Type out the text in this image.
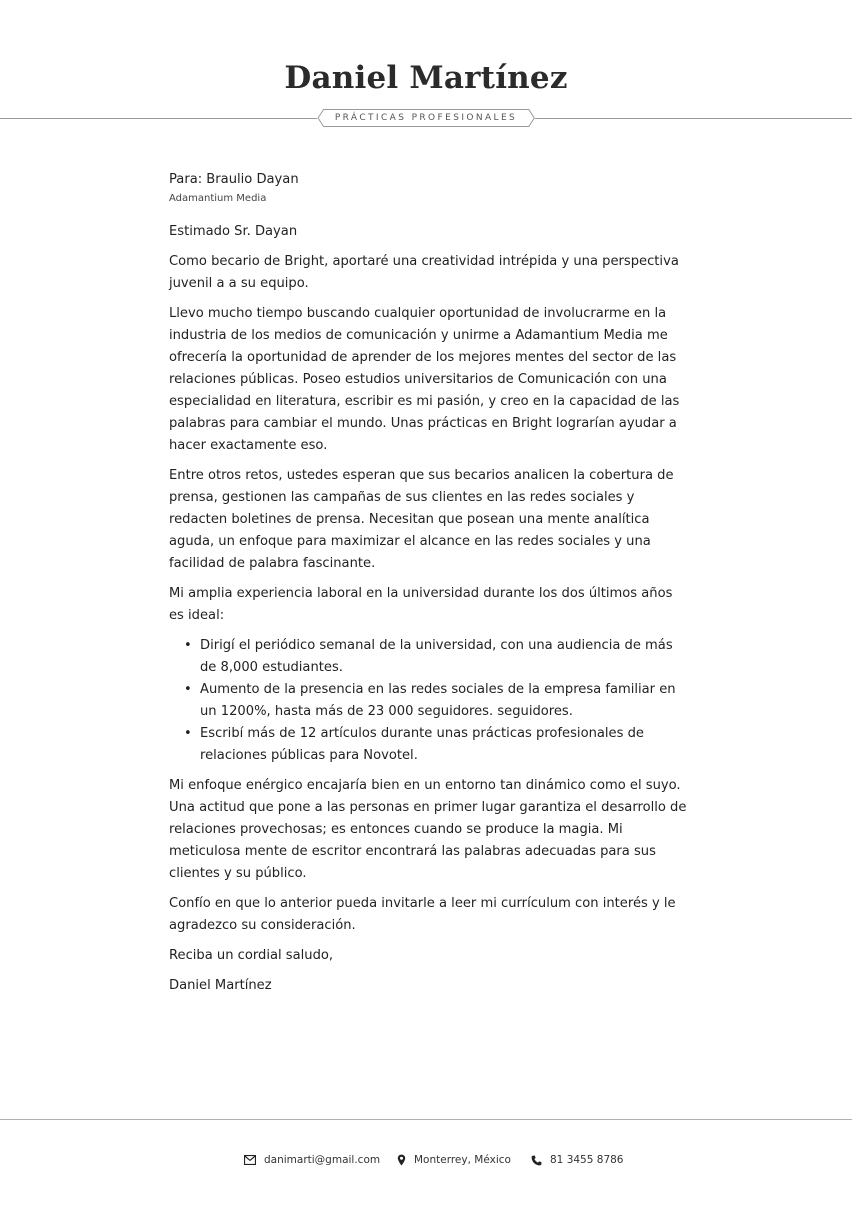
Daniel Martínez
PRÁCTICAS PROFESIONALES

Para: Braulio Dayan

Adamantium Media

Estimado Sr. Dayan

Como becario de Bright, aportaré una creatividad intrépida y una perspectiva juvenil a a su equipo.

Llevo mucho tiempo buscando cualquier oportunidad de involucrarme en la industria de los medios de comunicación y unirme a Adamantium Media me ofrecería la oportunidad de aprender de los mejores mentes del sector de las relaciones públicas. Poseo estudios universitarios de Comunicación con una especialidad en literatura, escribir es mi pasión, y creo en la capacidad de las palabras para cambiar el mundo. Unas prácticas en Bright lograrían ayudar a hacer exactamente eso.

Entre otros retos, ustedes esperan que sus becarios analicen la cobertura de prensa, gestionen las campañas de sus clientes en las redes sociales y redacten boletines de prensa. Necesitan que posean una mente analítica aguda, un enfoque para maximizar el alcance en las redes sociales y una facilidad de palabra fascinante.

Mi amplia experiencia laboral en la universidad durante los dos últimos años es ideal:

• Dirigí el periódico semanal de la universidad, con una audiencia de más de 8,000 estudiantes.
• Aumento de la presencia en las redes sociales de la empresa familiar en un 1200%, hasta más de 23 000 seguidores. seguidores.
• Escribí más de 12 artículos durante unas prácticas profesionales de relaciones públicas para Novotel.

Mi enfoque enérgico encajaría bien en un entorno tan dinámico como el suyo. Una actitud que pone a las personas en primer lugar garantiza el desarrollo de relaciones provechosas; es entonces cuando se produce la magia. Mi meticulosa mente de escritor encontrará las palabras adecuadas para sus clientes y su público.

Confío en que lo anterior pueda invitarle a leer mi currículum con interés y le agradezco su consideración.

Reciba un cordial saludo,

Daniel Martínez

danimarti@gmail.com	Monterrey, México	81 3455 8786
